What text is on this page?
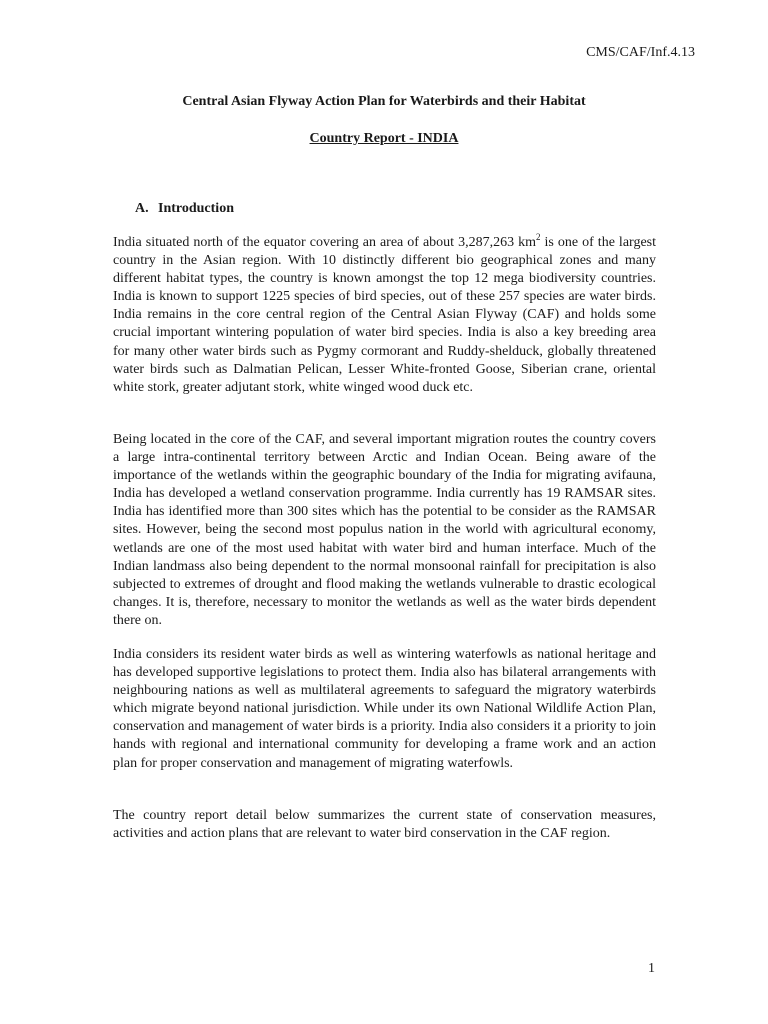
CMS/CAF/Inf.4.13
Central Asian Flyway Action Plan for Waterbirds and their Habitat
Country Report - INDIA
A. Introduction

India situated north of the equator covering an area of about 3,287,263 $km^2$ is one of the largest country in the Asian region. With 10 distinctly different bio geographical zones and many different habitat types, the country is known amongst the top 12 mega biodiversity countries. India is known to support 1225 species of bird species, out of these 257 species are water birds. India remains in the core central region of the Central Asian Flyway (CAF) and holds some crucial important wintering population of water bird species. India is also a key breeding area for many other water birds such as Pygmy cormorant and Ruddy-shelduck, globally threatened water birds such as Dalmatian Pelican, Lesser White-fronted Goose, Siberian crane, oriental white stork, greater adjutant stork, white winged wood duck etc.

Being located in the core of the CAF, and several important migration routes the country covers a large intra-continental territory between Arctic and Indian Ocean. Being aware of the importance of the wetlands within the geographic boundary of the India for migrating avifauna, India has developed a wetland conservation programme. India currently has 19 RAMSAR sites. India has identified more than 300 sites which has the potential to be consider as the RAMSAR sites. However, being the second most populus nation in the world with agricultural economy, wetlands are one of the most used habitat with water bird and human interface. Much of the Indian landmass also being dependent to the normal monsoonal rainfall for precipitation is also subjected to extremes of drought and flood making the wetlands vulnerable to drastic ecological changes. It is, therefore, necessary to monitor the wetlands as well as the water birds dependent there on.

India considers its resident water birds as well as wintering waterfowls as national heritage and has developed supportive legislations to protect them. India also has bilateral arrangements with neighbouring nations as well as multilateral agreements to safeguard the migratory waterbirds which migrate beyond national jurisdiction. While under its own National Wildlife Action Plan, conservation and management of water birds is a priority. India also considers it a priority to join hands with regional and international community for developing a frame work and an action plan for proper conservation and management of migrating waterfowls.

The country report detail below summarizes the current state of conservation measures, activities and action plans that are relevant to water bird conservation in the CAF region.

1
